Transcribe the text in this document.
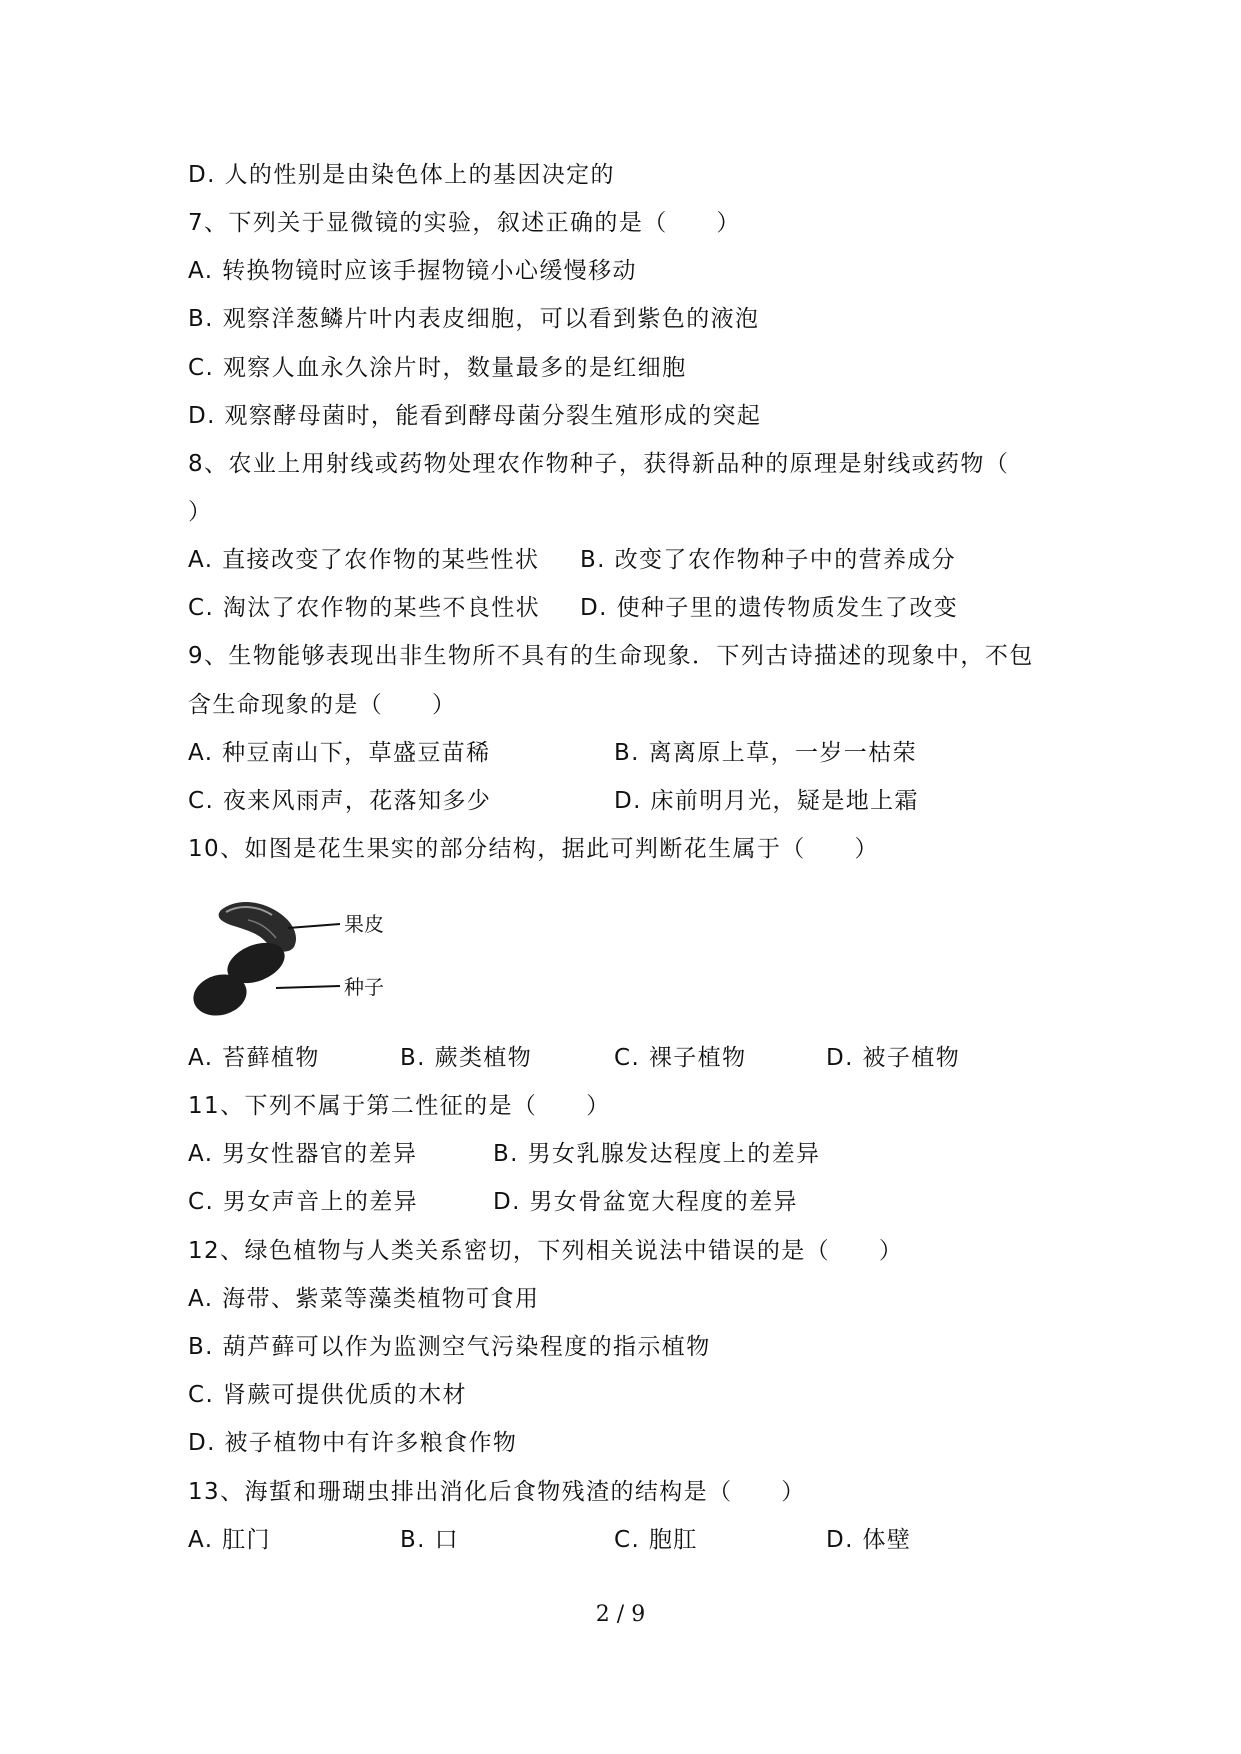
D. 人的性别是由染色体上的基因决定的
7、下列关于显微镜的实验，叙述正确的是（　　）
A. 转换物镜时应该手握物镜小心缓慢移动
B. 观察洋葱鳞片叶内表皮细胞，可以看到紫色的液泡
C. 观察人血永久涂片时，数量最多的是红细胞
D. 观察酵母菌时，能看到酵母菌分裂生殖形成的突起
8、农业上用射线或药物处理农作物种子，获得新品种的原理是射线或药物（
）
A. 直接改变了农作物的某些性状 B. 改变了农作物种子中的营养成分
C. 淘汰了农作物的某些不良性状 D. 使种子里的遗传物质发生了改变
9、生物能够表现出非生物所不具有的生命现象．下列古诗描述的现象中，不包
含生命现象的是（　　）
A. 种豆南山下，草盛豆苗稀	B. 离离原上草，一岁一枯荣
C. 夜来风雨声，花落知多少	D. 床前明月光，疑是地上霜
10、如图是花生果实的部分结构，据此可判断花生属于（　　）
果皮
种子
A. 苔藓植物	B. 蕨类植物	C. 裸子植物	D. 被子植物
11、下列不属于第二性征的是（　　）
A. 男女性器官的差异	B. 男女乳腺发达程度上的差异
C. 男女声音上的差异	D. 男女骨盆宽大程度的差异
12、绿色植物与人类关系密切，下列相关说法中错误的是（　　）
A. 海带、紫菜等藻类植物可食用
B. 葫芦藓可以作为监测空气污染程度的指示植物
C. 肾蕨可提供优质的木材
D. 被子植物中有许多粮食作物
13、海蜇和珊瑚虫排出消化后食物残渣的结构是（　　）
A. 肛门	B. 口	C. 胞肛	D. 体壁
2 / 9
